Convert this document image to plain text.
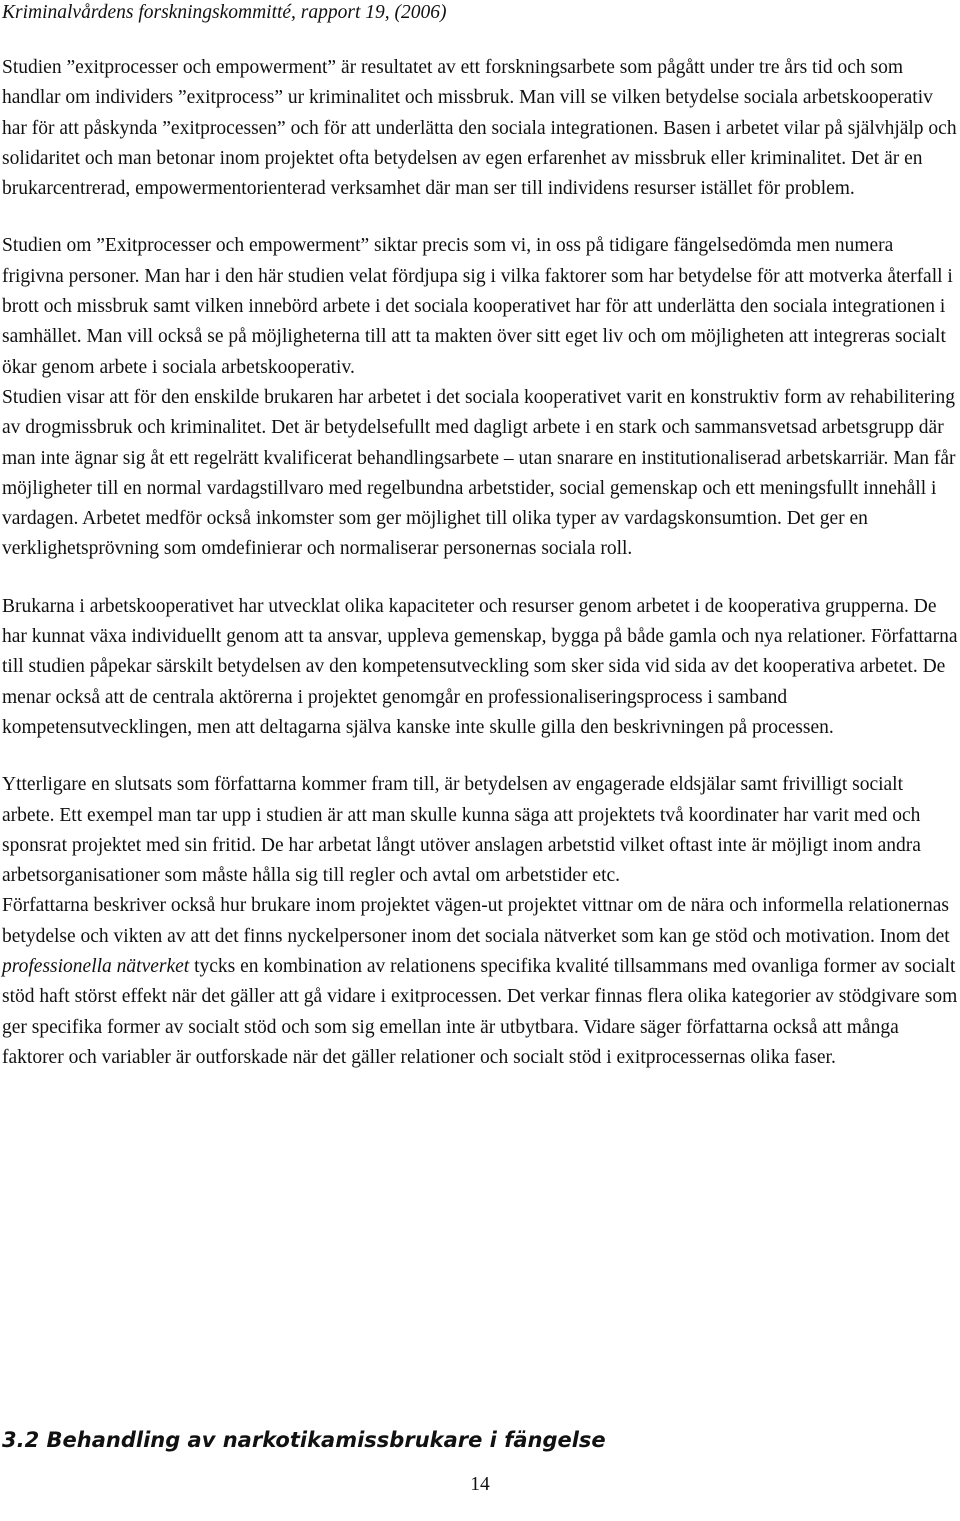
Kriminalvårdens forskningskommitté, rapport 19, (2006)

Studien ”exitprocesser och empowerment” är resultatet av ett forskningsarbete som pågått under tre års tid och som handlar om individers ”exitprocess” ur kriminalitet och missbruk. Man vill se vilken betydelse sociala arbetskooperativ har för att påskynda ”exitprocessen” och för att underlätta den sociala integrationen. Basen i arbetet vilar på självhjälp och solidaritet och man betonar inom projektet ofta betydelsen av egen erfarenhet av missbruk eller kriminalitet. Det är en brukarcentrerad, empowermentorienterad verksamhet där man ser till individens resurser istället för problem.

Studien om ”Exitprocesser och empowerment” siktar precis som vi, in oss på tidigare fängelsedömda men numera frigivna personer. Man har i den här studien velat fördjupa sig i vilka faktorer som har betydelse för att motverka återfall i brott och missbruk samt vilken innebörd arbete i det sociala kooperativet har för att underlätta den sociala integrationen i samhället. Man vill också se på möjligheterna till att ta makten över sitt eget liv och om möjligheten att integreras socialt ökar genom arbete i sociala arbetskooperativ.

Studien visar att för den enskilde brukaren har arbetet i det sociala kooperativet varit en konstruktiv form av rehabilitering av drogmissbruk och kriminalitet. Det är betydelsefullt med dagligt arbete i en stark och sammansvetsad arbetsgrupp där man inte ägnar sig åt ett regelrätt kvalificerat behandlingsarbete – utan snarare en institutionaliserad arbetskarriär. Man får möjligheter till en normal vardagstillvaro med regelbundna arbetstider, social gemenskap och ett meningsfullt innehåll i vardagen. Arbetet medför också inkomster som ger möjlighet till olika typer av vardagskonsumtion. Det ger en verklighetsprövning som omdefinierar och normaliserar personernas sociala roll.

Brukarna i arbetskooperativet har utvecklat olika kapaciteter och resurser genom arbetet i de kooperativa grupperna. De har kunnat växa individuellt genom att ta ansvar, uppleva gemenskap, bygga på både gamla och nya relationer. Författarna till studien påpekar särskilt betydelsen av den kompetensutveckling som sker sida vid sida av det kooperativa arbetet. De menar också att de centrala aktörerna i projektet genomgår en professionaliseringsprocess i samband kompetensutvecklingen, men att deltagarna själva kanske inte skulle gilla den beskrivningen på processen.

Ytterligare en slutsats som författarna kommer fram till, är betydelsen av engagerade eldsjälar samt frivilligt socialt arbete. Ett exempel man tar upp i studien är att man skulle kunna säga att projektets två koordinater har varit med och sponsrat projektet med sin fritid. De har arbetat långt utöver anslagen arbetstid vilket oftast inte är möjligt inom andra arbetsorganisationer som måste hålla sig till regler och avtal om arbetstider etc.

Författarna beskriver också hur brukare inom projektet vägen-ut projektet vittnar om de nära och informella relationernas betydelse och vikten av att det finns nyckelpersoner inom det sociala nätverket som kan ge stöd och motivation. Inom det professionella nätverket tycks en kombination av relationens specifika kvalité tillsammans med ovanliga former av socialt stöd haft störst effekt när det gäller att gå vidare i exitprocessen. Det verkar finnas flera olika kategorier av stödgivare som ger specifika former av socialt stöd och som sig emellan inte är utbytbara. Vidare säger författarna också att många faktorer och variabler är outforskade när det gäller relationer och socialt stöd i exitprocessernas olika faser.

3.2 Behandling av narkotikamissbrukare i fängelse
14
